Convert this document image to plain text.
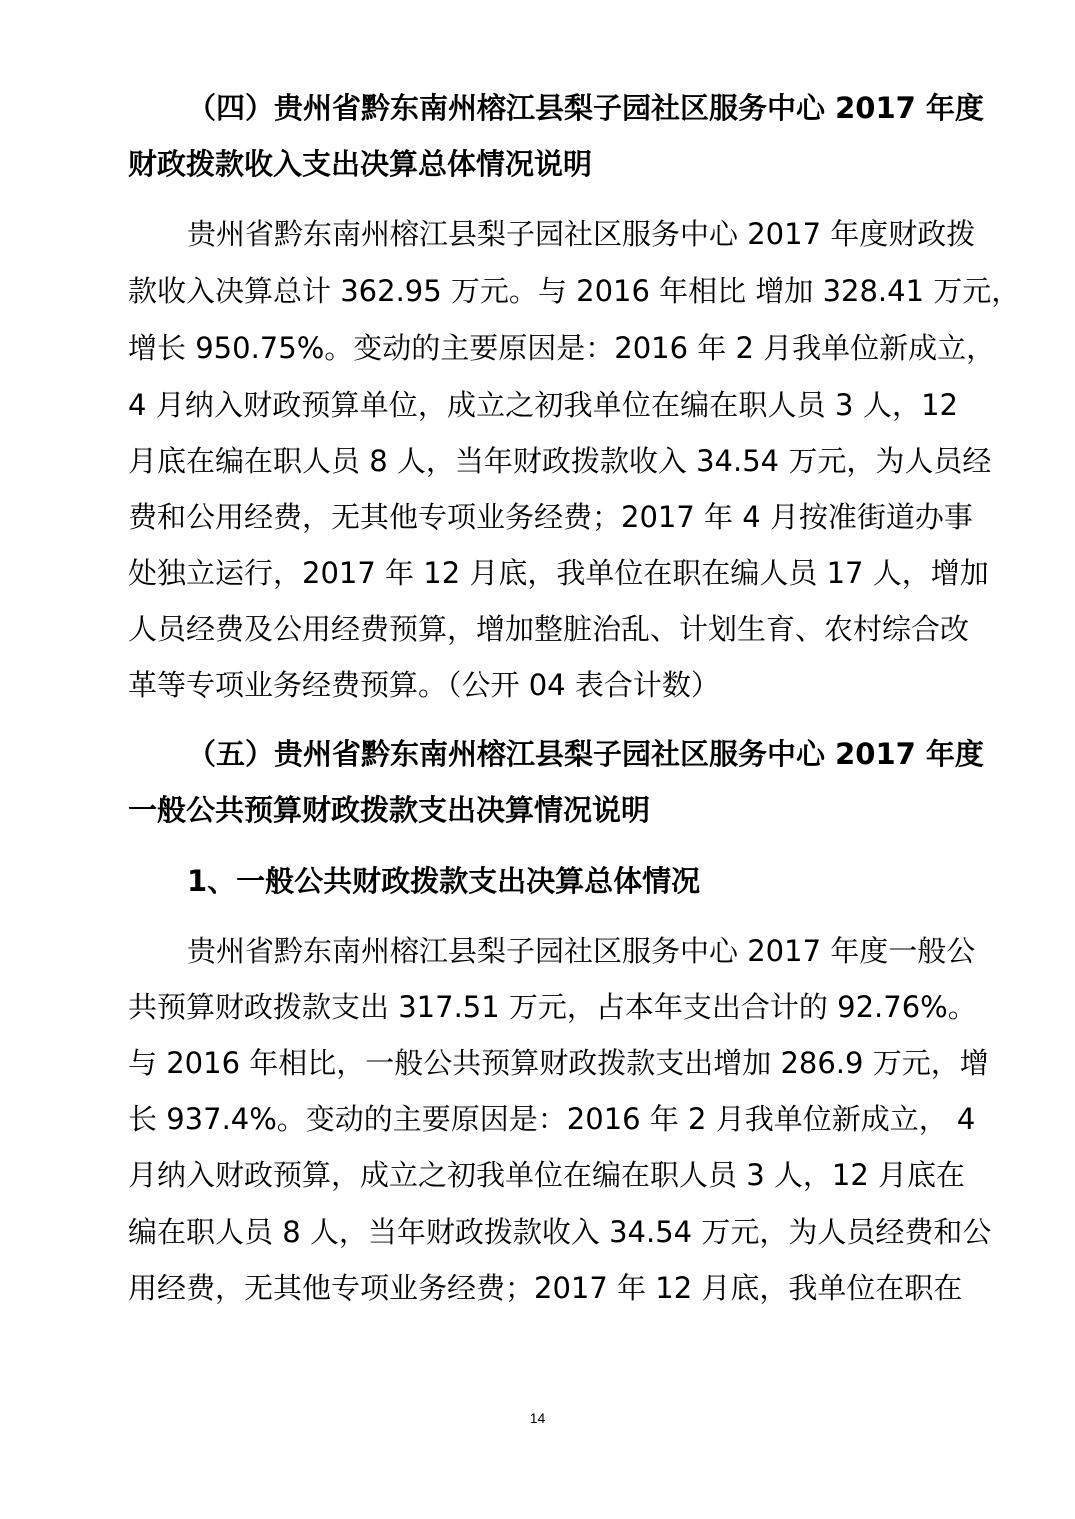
（四）贵州省黔东南州榕江县梨子园社区服务中心 2017 年度
财政拨款收入支出决算总体情况说明
贵州省黔东南州榕江县梨子园社区服务中心 2017 年度财政拨
款收入决算总计 362.95 万元。与 2016 年相比 增加 328.41 万元，
增长 950.75%。变动的主要原因是：2016 年 2 月我单位新成立，
4 月纳入财政预算单位，成立之初我单位在编在职人员 3 人，12
月底在编在职人员 8 人，当年财政拨款收入 34.54 万元，为人员经
费和公用经费，无其他专项业务经费；2017 年 4 月按准街道办事
处独立运行，2017 年 12 月底，我单位在职在编人员 17 人，增加
人员经费及公用经费预算，增加整脏治乱、计划生育、农村综合改
革等专项业务经费预算。（公开 04 表合计数）
（五）贵州省黔东南州榕江县梨子园社区服务中心 2017 年度
一般公共预算财政拨款支出决算情况说明
1、一般公共财政拨款支出决算总体情况
贵州省黔东南州榕江县梨子园社区服务中心 2017 年度一般公
共预算财政拨款支出 317.51 万元，占本年支出合计的 92.76%。
与 2016 年相比，一般公共预算财政拨款支出增加 286.9 万元，增
长 937.4%。变动的主要原因是：2016 年 2 月我单位新成立， 4
月纳入财政预算，成立之初我单位在编在职人员 3 人，12 月底在
编在职人员 8 人，当年财政拨款收入 34.54 万元，为人员经费和公
用经费，无其他专项业务经费；2017 年 12 月底，我单位在职在
14
